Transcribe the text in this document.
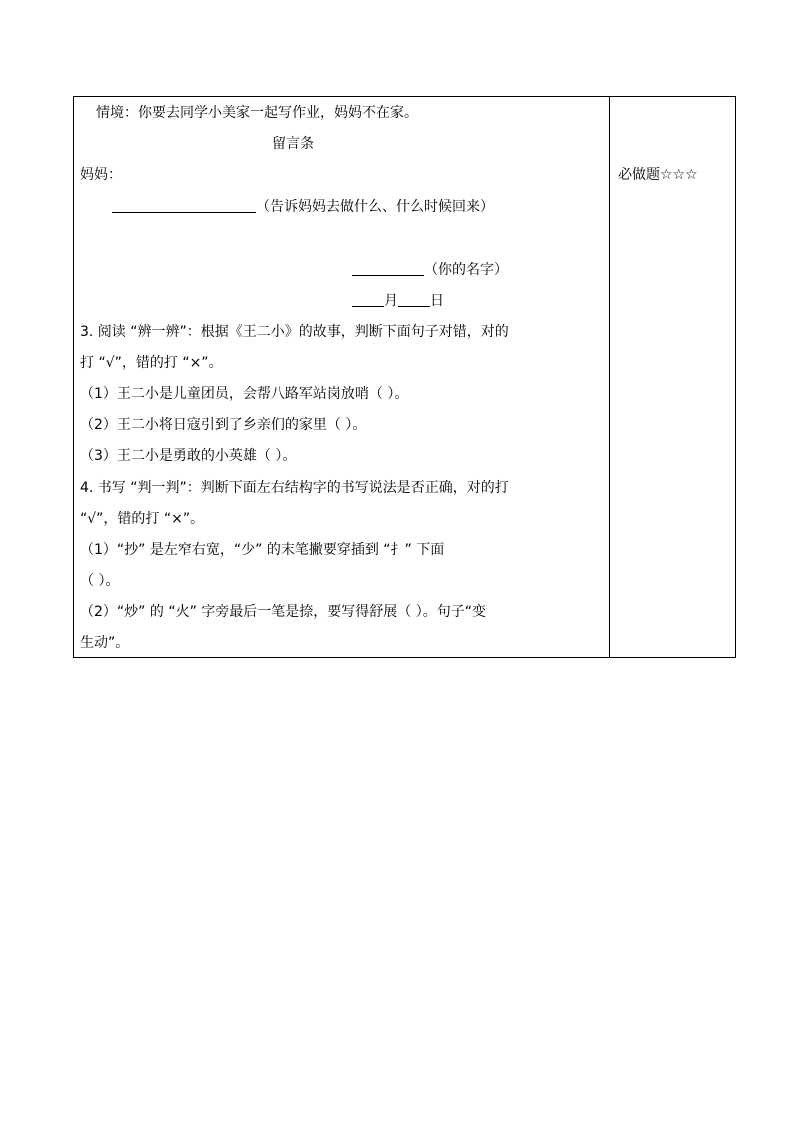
情境：你要去同学小美家一起写作业，妈妈不在家。
留言条
妈妈：
（告诉妈妈去做什么、什么时候回来）
（你的名字）
月 日
3. 阅读 “辨一辨”：根据《王二小》的故事，判断下面句子对错，对的
打 “√”，错的打 “×”。
（1）王二小是儿童团员，会帮八路军站岗放哨（ ）。
（2）王二小将日寇引到了乡亲们的家里（ ）。
（3）王二小是勇敢的小英雄（ ）。
4. 书写 “判一判”：判断下面左右结构字的书写说法是否正确，对的打
“√”，错的打 “×”。
（1）“抄” 是左窄右宽，“少” 的末笔撇要穿插到 “扌” 下面
（ ）。
（2）“炒” 的 “火” 字旁最后一笔是捺，要写得舒展（ ）。句子“变
生动”。
必做题☆☆☆
